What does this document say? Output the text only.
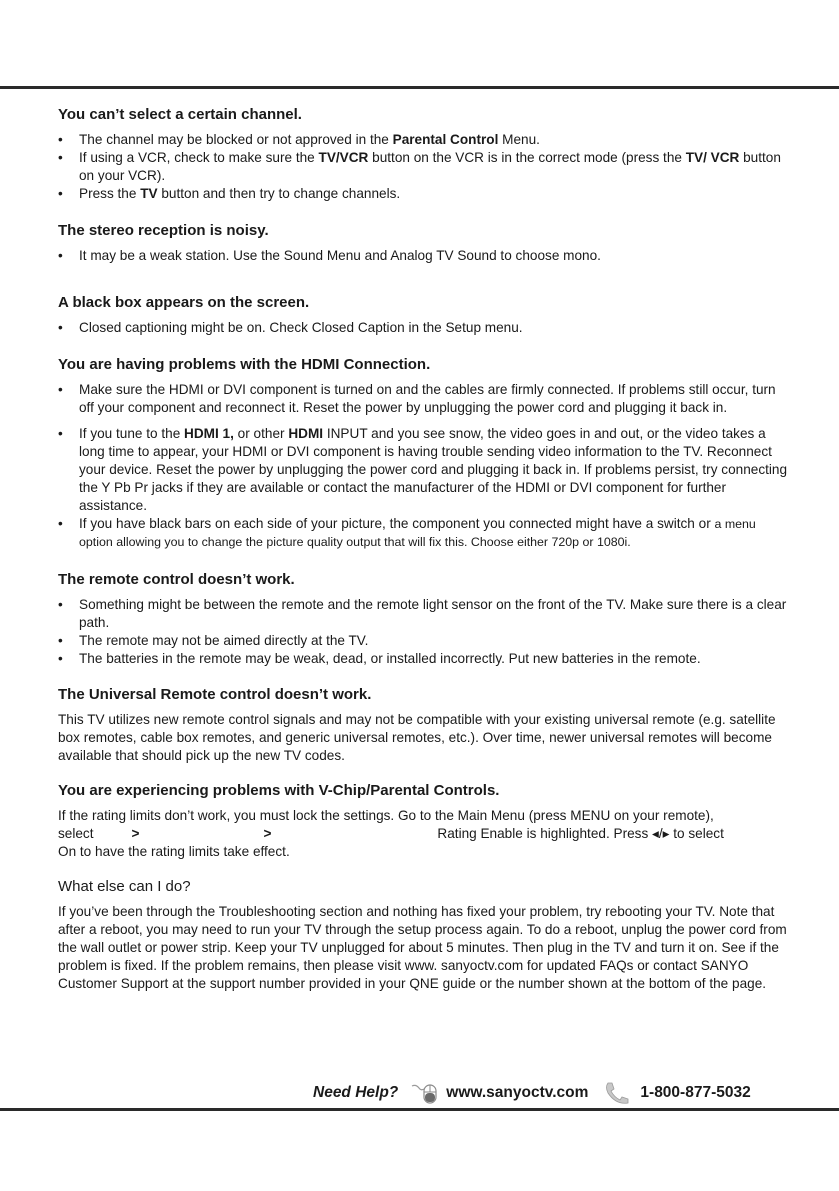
You can’t select a certain channel.
• The channel may be blocked or not approved in the Parental Control Menu.
• If using a VCR, check to make sure the TV/VCR button on the VCR is in the correct mode (press the TV/ VCR button on your VCR).
• Press the TV button and then try to change channels.
The stereo reception is noisy.
• It may be a weak station. Use the Sound Menu and Analog TV Sound to choose mono.
A black box appears on the screen.
• Closed captioning might be on. Check Closed Caption in the Setup menu.
You are having problems with the HDMI Connection.
• Make sure the HDMI or DVI component is turned on and the cables are firmly connected. If problems still occur, turn off your component and reconnect it. Reset the power by unplugging the power cord and plugging it back in.
• If you tune to the HDMI 1, or other HDMI INPUT and you see snow, the video goes in and out, or the video takes a long time to appear, your HDMI or DVI component is having trouble sending video information to the TV. Reconnect your device. Reset the power by unplugging the power cord and plugging it back in. If problems persist, try connecting the Y Pb Pr jacks if they are available or contact the manufacturer of the HDMI or DVI component for further assistance.
• If you have black bars on each side of your picture, the component you connected might have a switch or a menu option allowing you to change the picture quality output that will fix this. Choose either 720p or 1080i.
The remote control doesn’t work.
• Something might be between the remote and the remote light sensor on the front of the TV. Make sure there is a clear path.
• The remote may not be aimed directly at the TV.
• The batteries in the remote may be weak, dead, or installed incorrectly. Put new batteries in the remote.
The Universal Remote control doesn’t work.

This TV utilizes new remote control signals and may not be compatible with your existing universal remote (e.g. satellite box remotes, cable box remotes, and generic universal remotes, etc.). Over time, newer universal remotes will become available that should pick up the new TV codes.

You are experiencing problems with V-Chip/Parental Controls.

If the rating limits don’t work, you must lock the settings. Go to the Main Menu (press MENU on your remote),
select	>	>	Rating Enable is highlighted. Press ◂/▸ to select
On to have the rating limits take effect.

What else can I do?

If you’ve been through the Troubleshooting section and nothing has fixed your problem, try rebooting your TV. Note that after a reboot, you may need to run your TV through the setup process again. To do a reboot, unplug the power cord from the wall outlet or power strip. Keep your TV unplugged for about 5 minutes. Then plug in the TV and turn it on. See if the problem is fixed. If the problem remains, then please visit www. sanyoctv.com for updated FAQs or contact SANYO Customer Support at the support number provided in your QNE guide or the number shown at the bottom of the page.

Need Help?	www.sanyoctv.com	1-800-877-5032
